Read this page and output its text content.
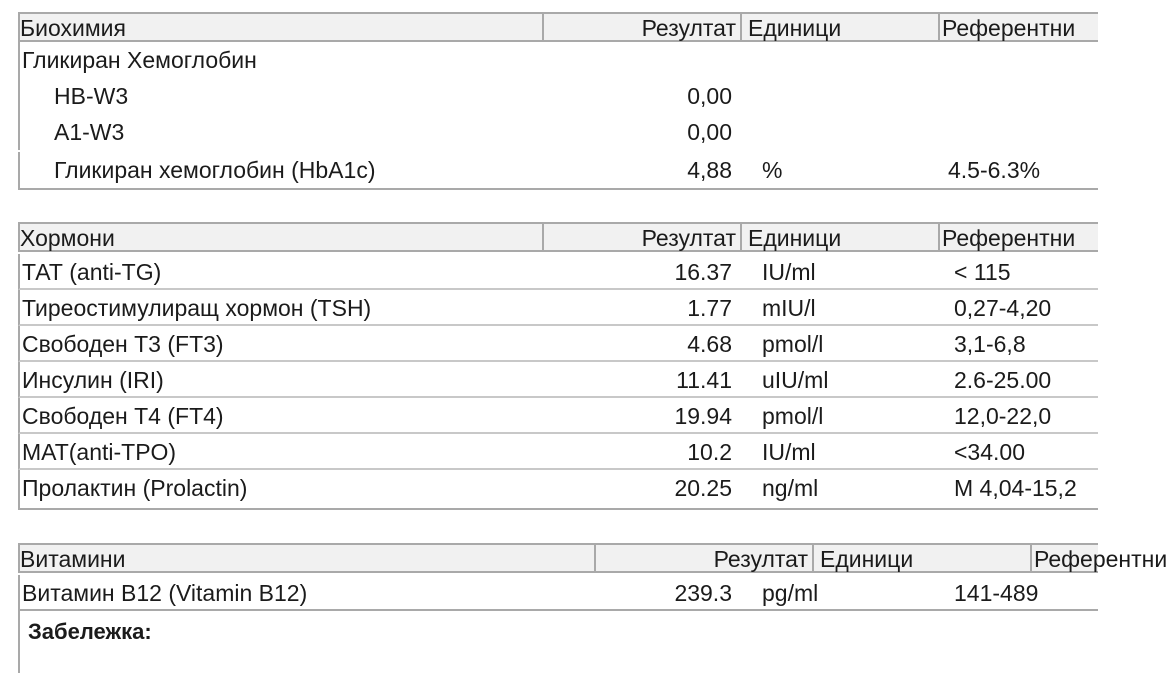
Биохимия	Резултат Единици	Референтни
Гликиран Хемоглобин
HB-W3	0,00
A1-W3	0,00
Гликиран хемоглобин (HbA1c)	4,88 %	4.5-6.3%
Хормони	Резултат Единици	Референтни
ТАТ (anti-TG)	16.37 IU/ml	< 115
Тиреостимулиращ хормон (TSH)	1.77 mIU/l	0,27-4,20
Свободен Т3 (FT3)	4.68 pmol/l	3,1-6,8
Инсулин (IRI)	11.41 uIU/ml	2.6-25.00
Свободен Т4 (FT4)	19.94 pmol/l	12,0-22,0
МАТ(anti-TPO)	10.2 IU/ml	<34.00
Пролактин (Prolactin)	20.25 ng/ml	М 4,04-15,2
Витамини	Резултат Единици	Референтни
Витамин B12 (Vitamin B12)	239.3 pg/ml	141-489
Забележка:
